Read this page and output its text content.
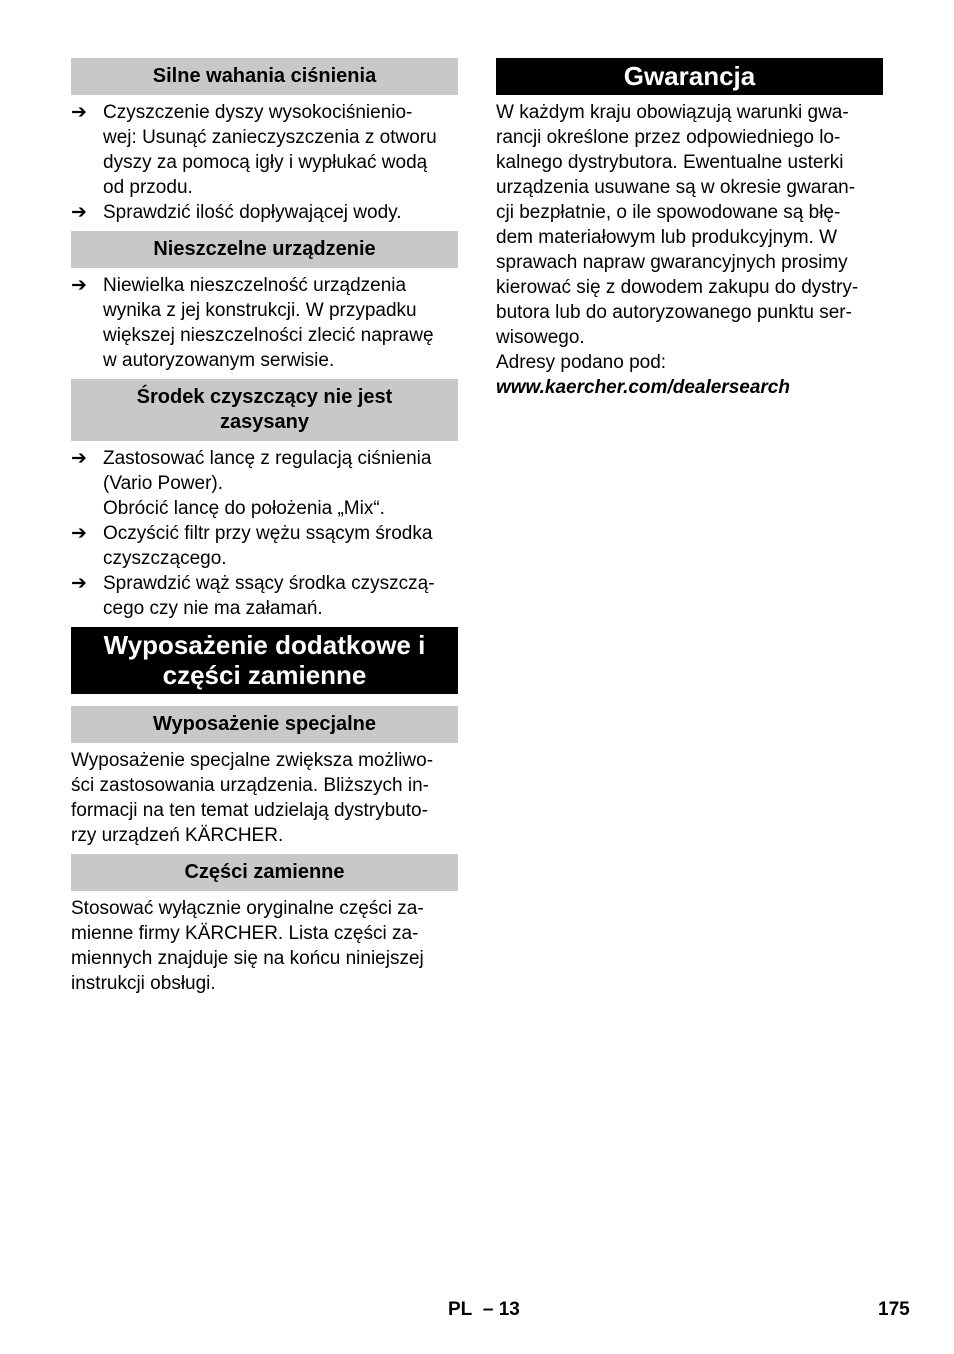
Silne wahania ciśnienia
➔ Czyszczenie dyszy wysokociśnienio-
wej: Usunąć zanieczyszczenia z otworu
dyszy za pomocą igły i wypłukać wodą
od przodu.
➔ Sprawdzić ilość dopływającej wody.
Nieszczelne urządzenie
➔ Niewielka nieszczelność urządzenia
wynika z jej konstrukcji. W przypadku
większej nieszczelności zlecić naprawę
w autoryzowanym serwisie.
Środek czyszczący nie jest
zasysany
➔ Zastosować lancę z regulacją ciśnienia
(Vario Power).
Obrócić lancę do położenia „Mix“.
➔ Oczyścić filtr przy wężu ssącym środka
czyszczącego.
➔ Sprawdzić wąż ssący środka czyszczą-
cego czy nie ma załamań.
Wyposażenie dodatkowe i
części zamienne
Wyposażenie specjalne
Wyposażenie specjalne zwiększa możliwo-
ści zastosowania urządzenia. Bliższych in-
formacji na ten temat udzielają dystrybuto-
rzy urządzeń KÄRCHER.
Części zamienne
Stosować wyłącznie oryginalne części za-
mienne firmy KÄRCHER. Lista części za-
miennych znajduje się na końcu niniejszej
instrukcji obsługi.
Gwarancja
W każdym kraju obowiązują warunki gwa-
rancji określone przez odpowiedniego lo-
kalnego dystrybutora. Ewentualne usterki
urządzenia usuwane są w okresie gwaran-
cji bezpłatnie, o ile spowodowane są błę-
dem materiałowym lub produkcyjnym. W
sprawach napraw gwarancyjnych prosimy
kierować się z dowodem zakupu do dystry-
butora lub do autoryzowanego punktu ser-
wisowego.
Adresy podano pod:
www.kaercher.com/dealersearch
PL – 13	175
